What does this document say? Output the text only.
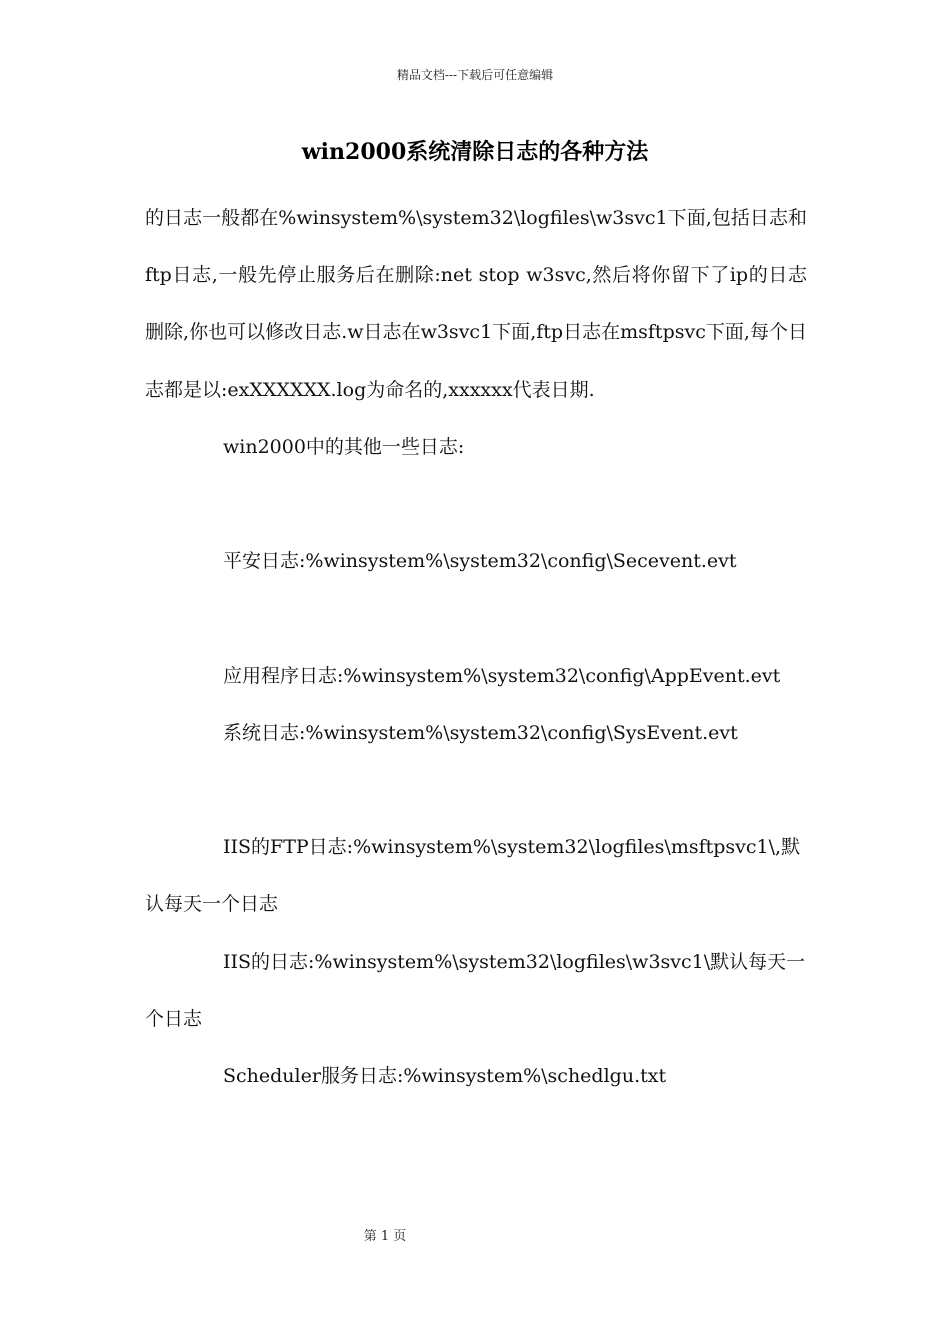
精品文档---下载后可任意编辑
win2000系统清除日志的各种方法

的日志一般都在%winsystem%\system32\logfiles\w3svc1下面,包括日志和ftp日志,一般先停止服务后在删除:net stop w3svc,然后将你留下了ip的日志删除,你也可以修改日志.w日志在w3svc1下面,ftp日志在msftpsvc下面,每个日志都是以:exXXXXXX.log为命名的,xxxxxx代表日期.

win2000中的其他一些日志:

平安日志:%winsystem%\system32\config\Secevent.evt

应用程序日志:%winsystem%\system32\config\AppEvent.evt

系统日志:%winsystem%\system32\config\SysEvent.evt

IIS的FTP日志:%winsystem%\system32\logfiles\msftpsvc1\,默认每天一个日志

IIS的日志:%winsystem%\system32\logfiles\w3svc1\默认每天一个日志

Scheduler服务日志:%winsystem%\schedlgu.txt

第 1 页
